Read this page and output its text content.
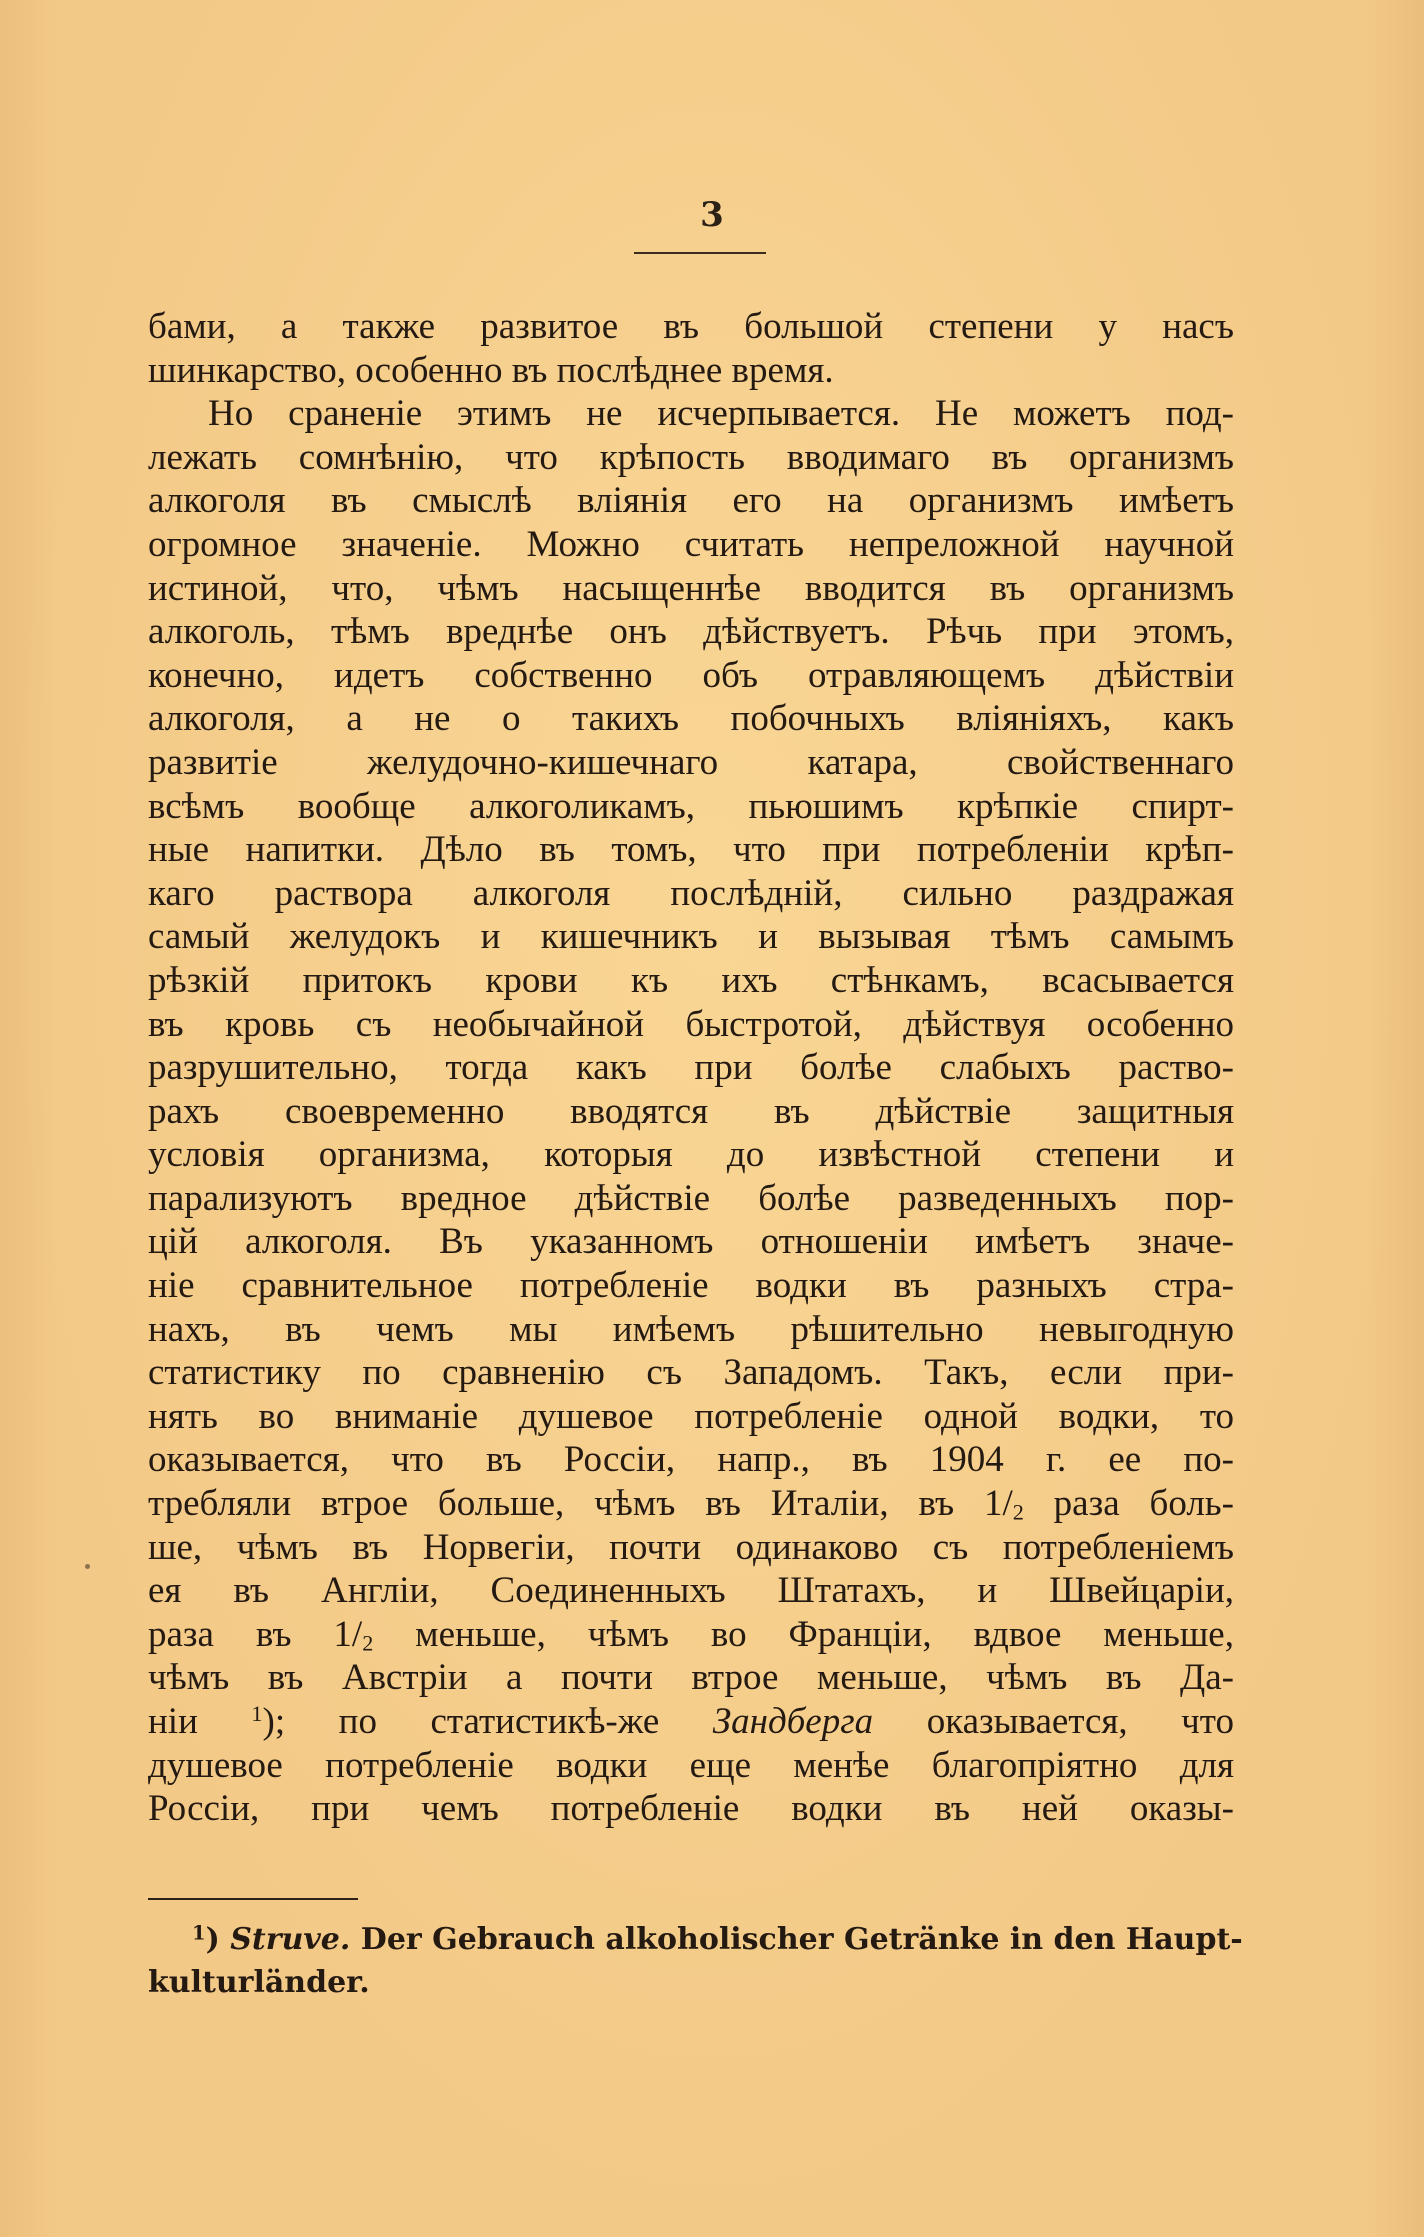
3
бами, а также развитое въ большой степени у насъ
шинкарство, особенно въ послѣднее время.
Но сраненіе этимъ не исчерпывается. Не можетъ под-
лежать сомнѣнію, что крѣпость вводимаго въ организмъ
алкоголя въ смыслѣ вліянія его на организмъ имѣетъ
огромное значеніе. Можно считать непреложной научной
истиной, что, чѣмъ насыщеннѣе вводится въ организмъ
алкоголь, тѣмъ вреднѣе онъ дѣйствуетъ. Рѣчь при этомъ,
конечно, идетъ собственно объ отравляющемъ дѣйствіи
алкоголя, а не о такихъ побочныхъ вліяніяхъ, какъ
развитіе желудочно-кишечнаго катара, свойственнаго
всѣмъ вообще алкоголикамъ, пьюшимъ крѣпкіе спирт-
ные напитки. Дѣло въ томъ, что при потребленіи крѣп-
каго раствора алкоголя послѣдній, сильно раздражая
самый желудокъ и кишечникъ и вызывая тѣмъ самымъ
рѣзкій притокъ крови къ ихъ стѣнкамъ, всасывается
въ кровь съ необычайной быстротой, дѣйствуя особенно
разрушительно, тогда какъ при болѣе слабыхъ раство-
рахъ своевременно вводятся въ дѣйствіе защитныя
условія организма, которыя до извѣстной степени и
парализуютъ вредное дѣйствіе болѣе разведенныхъ пор-
цій алкоголя. Въ указанномъ отношеніи имѣетъ значе-
ніе сравнительное потребленіе водки въ разныхъ стра-
нахъ, въ чемъ мы имѣемъ рѣшительно невыгодную
статистику по сравненію съ Западомъ. Такъ, если при-
нять во вниманіе душевое потребленіе одной водки, то
оказывается, что въ Россіи, напр., въ 1904 г. ее по-
требляли втрое больше, чѣмъ въ Италіи, въ $1/_2$ раза боль-
ше, чѣмъ въ Норвегіи, почти одинаково съ потребленіемъ
ея въ Англіи, Соединенныхъ Штатахъ, и Швейцаріи,
раза въ $1/_2$ меньше, чѣмъ во Франціи, вдвое меньше,
чѣмъ въ Австріи а почти втрое меньше, чѣмъ въ Да-
ніи $^1$); по статистикѣ-же Зандберга оказывается, что
душевое потребленіе водки еще менѣе благопріятно для
Россіи, при чемъ потребленіе водки въ ней оказы-
$^1$) Struve. Der Gebrauch alkoholischer Getränke in den Haupt-
kulturländer.
